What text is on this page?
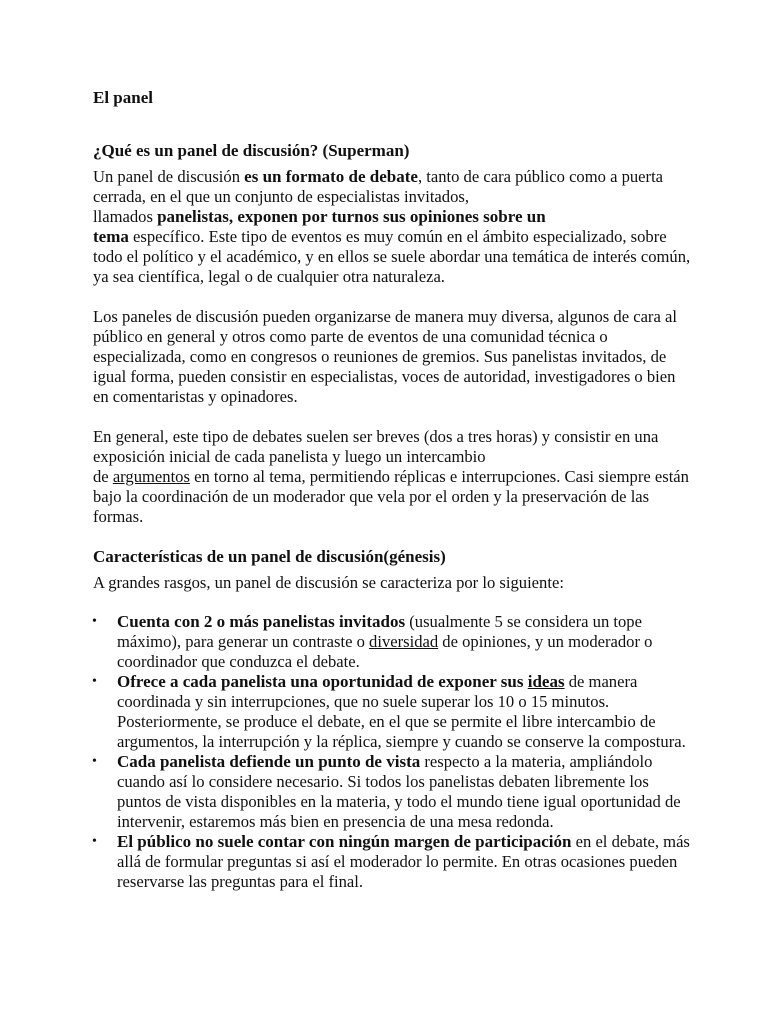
El panel
¿Qué es un panel de discusión? (Superman)

Un panel de discusión es un formato de debate, tanto de cara público como a puerta cerrada, en el que un conjunto de especialistas invitados,
llamados panelistas, exponen por turnos sus opiniones sobre un
tema específico. Este tipo de eventos es muy común en el ámbito especializado, sobre todo el político y el académico, y en ellos se suele abordar una temática de interés común, ya sea científica, legal o de cualquier otra naturaleza.

Los paneles de discusión pueden organizarse de manera muy diversa, algunos de cara al público en general y otros como parte de eventos de una comunidad técnica o especializada, como en congresos o reuniones de gremios. Sus panelistas invitados, de igual forma, pueden consistir en especialistas, voces de autoridad, investigadores o bien en comentaristas y opinadores.

En general, este tipo de debates suelen ser breves (dos a tres horas) y consistir en una exposición inicial de cada panelista y luego un intercambio
de argumentos en torno al tema, permitiendo réplicas e interrupciones. Casi siempre están bajo la coordinación de un moderador que vela por el orden y la preservación de las formas.

Características de un panel de discusión(génesis)

A grandes rasgos, un panel de discusión se caracteriza por lo siguiente:

• Cuenta con 2 o más panelistas invitados (usualmente 5 se considera un tope máximo), para generar un contraste o diversidad de opiniones, y un moderador o coordinador que conduzca el debate.
• Ofrece a cada panelista una oportunidad de exponer sus ideas de manera coordinada y sin interrupciones, que no suele superar los 10 o 15 minutos. Posteriormente, se produce el debate, en el que se permite el libre intercambio de argumentos, la interrupción y la réplica, siempre y cuando se conserve la compostura.
• Cada panelista defiende un punto de vista respecto a la materia, ampliándolo cuando así lo considere necesario. Si todos los panelistas debaten libremente los puntos de vista disponibles en la materia, y todo el mundo tiene igual oportunidad de intervenir, estaremos más bien en presencia de una mesa redonda.
• El público no suele contar con ningún margen de participación en el debate, más allá de formular preguntas si así el moderador lo permite. En otras ocasiones pueden reservarse las preguntas para el final.
